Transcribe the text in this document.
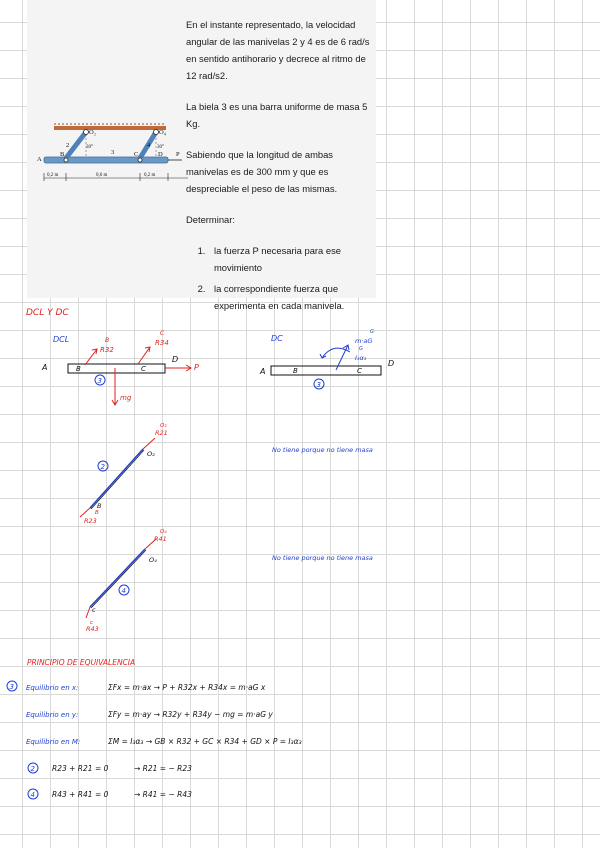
2
3
4
O₂	O₄
30°	30°
A
B	C	D P
0,2 m	0,6 m	0,2 m

En el instante representado, la velocidad angular de las manivelas 2 y 4 es de 6 rad/s en sentido antihorario y decrece al ritmo de 12 rad/s2.

La biela 3 es una barra uniforme de masa 5 Kg.

Sabiendo que la longitud de ambas manivelas es de 300 mm y que es despreciable el peso de las mismas.

Determinar:

1. la fuerza P necesaria para ese movimiento
2. la correspondiente fuerza que experimenta en cada manivela.
DCL Y DC
DCL
A	B	C
D
3
B
R32
C
R34
P
mg
DC
A	B	C
D
3
G
m·aG
G
I₃α₃
2
O₂
B
O₂
R21
B
R23
4
O₄
c
O₄
R41
c
R43
No tiene porque no tiene masa
No tiene porque no tiene masa
PRINCIPIO DE EQUIVALENCIA
3 Equilibrio en x:	ΣFx = m·ax → P + R32x + R34x = m·aG x
Equilibrio en y:	ΣFy = m·ay → R32y + R34y − mg = m·aG y
Equilibrio en M:	ΣM = I₃α₃ → GB × R32 + GC × R34 + GD × P = I₃α₃
2 R23 + R21 = 0	→ R21 = − R23
4 R43 + R41 = 0	→ R41 = − R43
